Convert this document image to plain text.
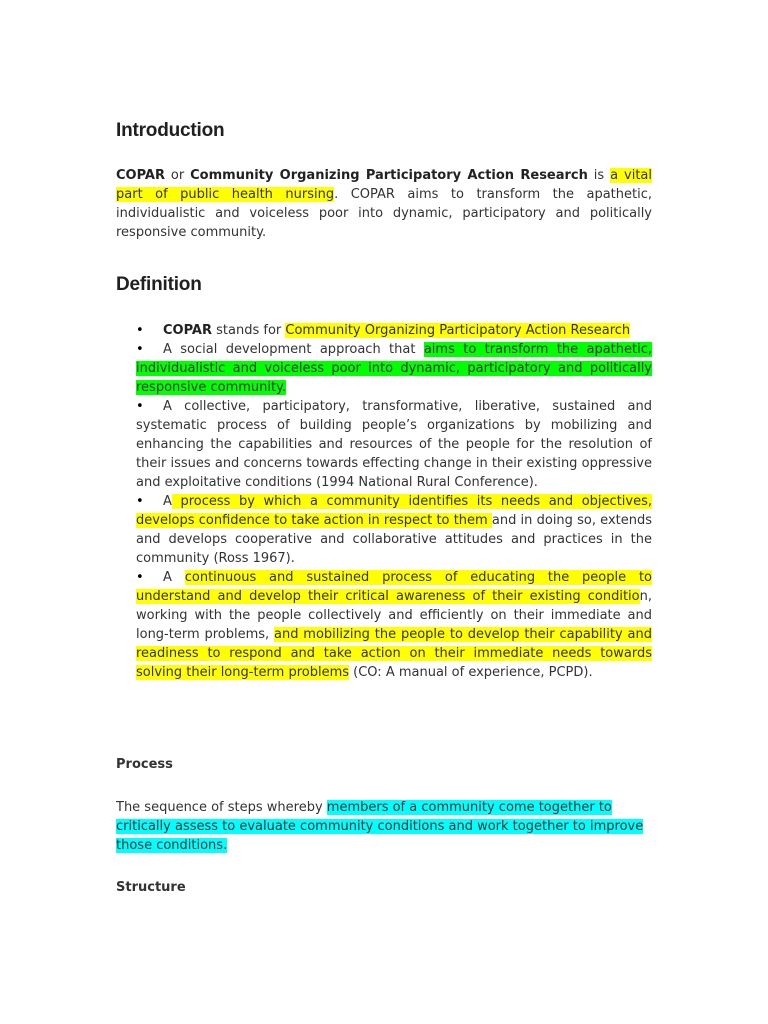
Introduction

COPAR or Community Organizing Participatory Action Research is a vital part of public health nursing. COPAR aims to transform the apathetic, individualistic and voiceless poor into dynamic, participatory and politically responsive community.

Definition
• COPAR stands for Community Organizing Participatory Action Research
• A social development approach that aims to transform the apathetic, individualistic and voiceless poor into dynamic, participatory and politically responsive community.
• A collective, participatory, transformative, liberative, sustained and systematic process of building people’s organizations by mobilizing and enhancing the capabilities and resources of the people for the resolution of their issues and concerns towards effecting change in their existing oppressive and exploitative conditions (1994 National Rural Conference).
• A process by which a community identifies its needs and objectives, develops confidence to take action in respect to them and in doing so, extends and develops cooperative and collaborative attitudes and practices in the community (Ross 1967).
• A continuous and sustained process of educating the people to understand and develop their critical awareness of their existing condition, working with the people collectively and efficiently on their immediate and long-term problems, and mobilizing the people to develop their capability and readiness to respond and take action on their immediate needs towards solving their long-term problems (CO: A manual of experience, PCPD).
Process

The sequence of steps whereby members of a community come together to critically assess to evaluate community conditions and work together to improve those conditions.

Structure
